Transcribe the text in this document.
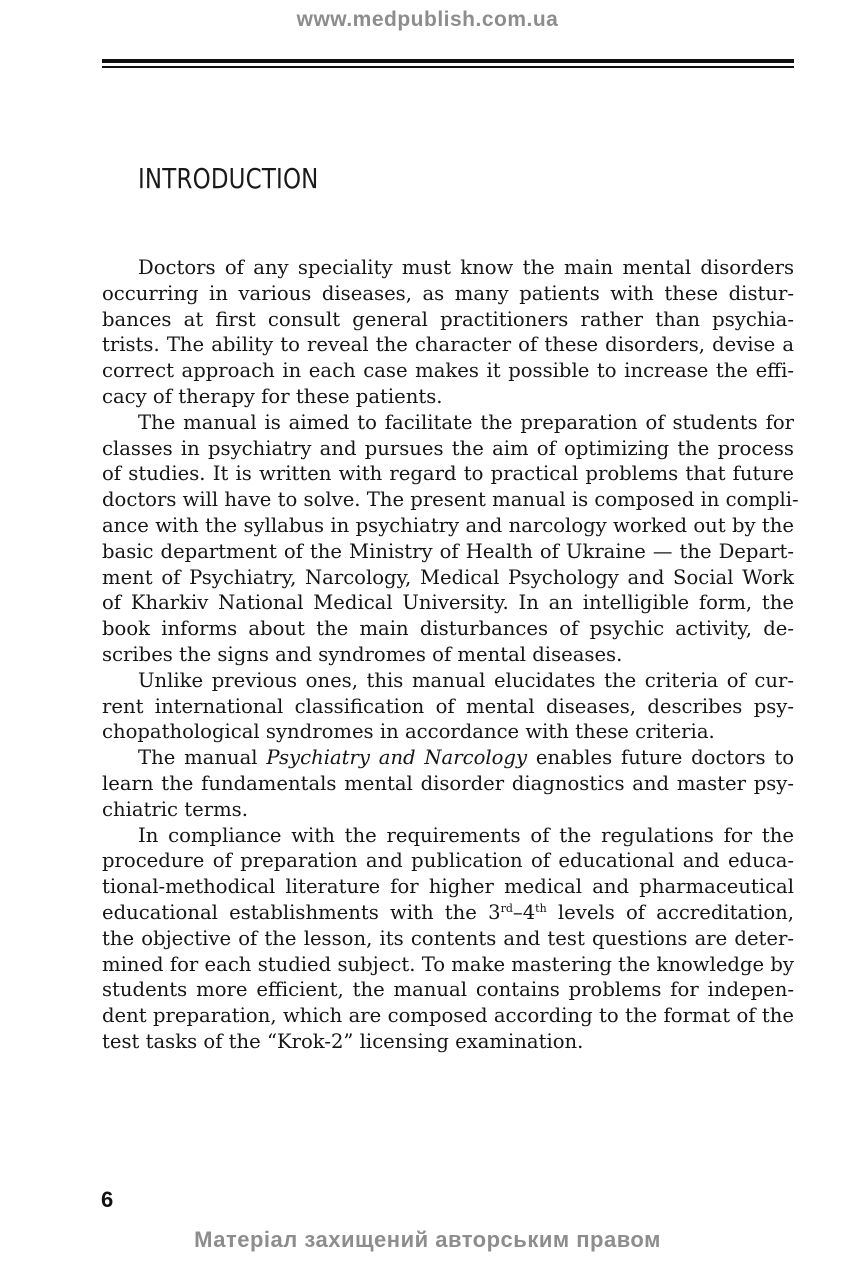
www.medpublish.com.ua
INTRODUCTION
Doctors of any speciality must know the main mental disorders
occurring in various diseases, as many patients with these distur-
bances at first consult general practitioners rather than psychia-
trists. The ability to reveal the character of these disorders, devise a
correct approach in each case makes it possible to increase the effi-
cacy of therapy for these patients.
The manual is aimed to facilitate the preparation of students for
classes in psychiatry and pursues the aim of optimizing the process
of studies. It is written with regard to practical problems that future
doctors will have to solve. The present manual is composed in compli-
ance with the syllabus in psychiatry and narcology worked out by the
basic department of the Ministry of Health of Ukraine — the Depart-
ment of Psychiatry, Narcology, Medical Psychology and Social Work
of Kharkiv National Medical University. In an intelligible form, the
book informs about the main disturbances of psychic activity, de-
scribes the signs and syndromes of mental diseases.
Unlike previous ones, this manual elucidates the criteria of cur-
rent international classification of mental diseases, describes psy-
chopathological syndromes in accordance with these criteria.
The manual Psychiatry and Narcology enables future doctors to
learn the fundamentals mental disorder diagnostics and master psy-
chiatric terms.
In compliance with the requirements of the regulations for the
procedure of preparation and publication of educational and educa-
tional-methodical literature for higher medical and pharmaceutical
educational establishments with the 3rd–4th levels of accreditation,
the objective of the lesson, its contents and test questions are deter-
mined for each studied subject. To make mastering the knowledge by
students more efficient, the manual contains problems for indepen-
dent preparation, which are composed according to the format of the
test tasks of the “Krok-2” licensing examination.
6
Матеріал захищений авторським правом
